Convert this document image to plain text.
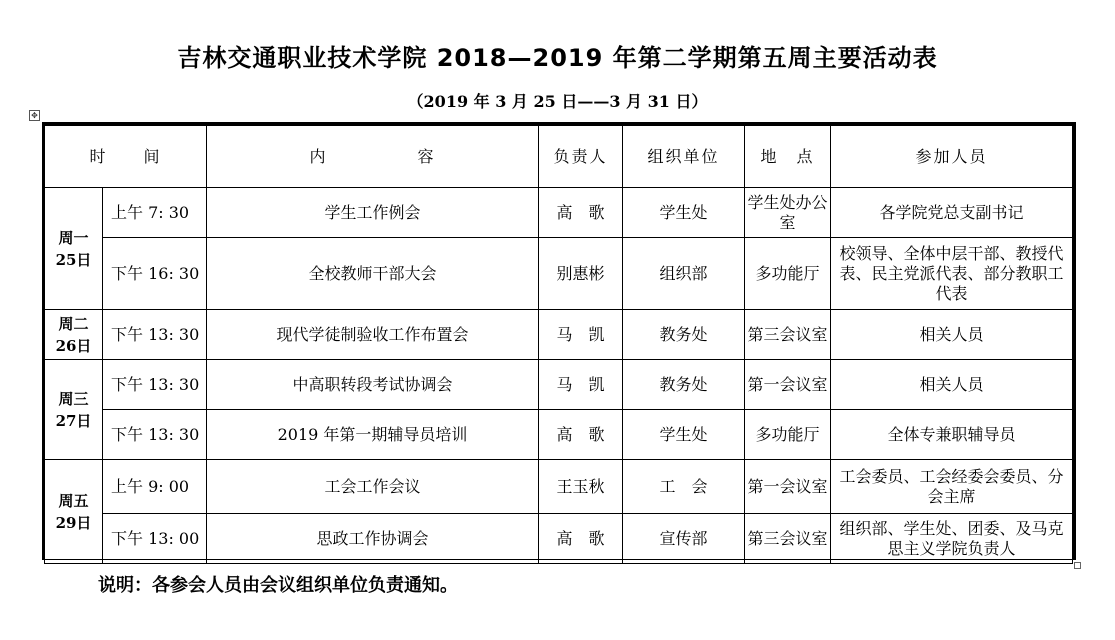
吉林交通职业技术学院 2018—2019 年第二学期第五周主要活动表
（2019 年 3 月 25 日——3 月 31 日）
✥
时　　间		内　　　　　容	负责人	组织单位	地　点	参加人员

周一
25日	上午 7: 30	学生工作例会	高　歌	学生处	学生处办公室	各学院党总支副书记
	下午 16: 30	全校教师干部大会	别惠彬	组织部	多功能厅	校领导、全体中层干部、教授代表、民主党派代表、部分教职工代表

周二
26日	下午 13: 30	现代学徒制验收工作布置会	马　凯	教务处	第三会议室	相关人员

周三
27日	下午 13: 30	中高职转段考试协调会	马　凯	教务处	第一会议室	相关人员
	下午 13: 30	2019 年第一期辅导员培训	高　歌	学生处	多功能厅	全体专兼职辅导员

周五
29日	上午 9: 00	工会工作会议	王玉秋	工　会	第一会议室	工会委员、工会经委会委员、分会主席
	下午 13: 00	思政工作协调会	高　歌	宣传部	第三会议室	组织部、学生处、团委、及马克思主义学院负责人
说明：各参会人员由会议组织单位负责通知。
